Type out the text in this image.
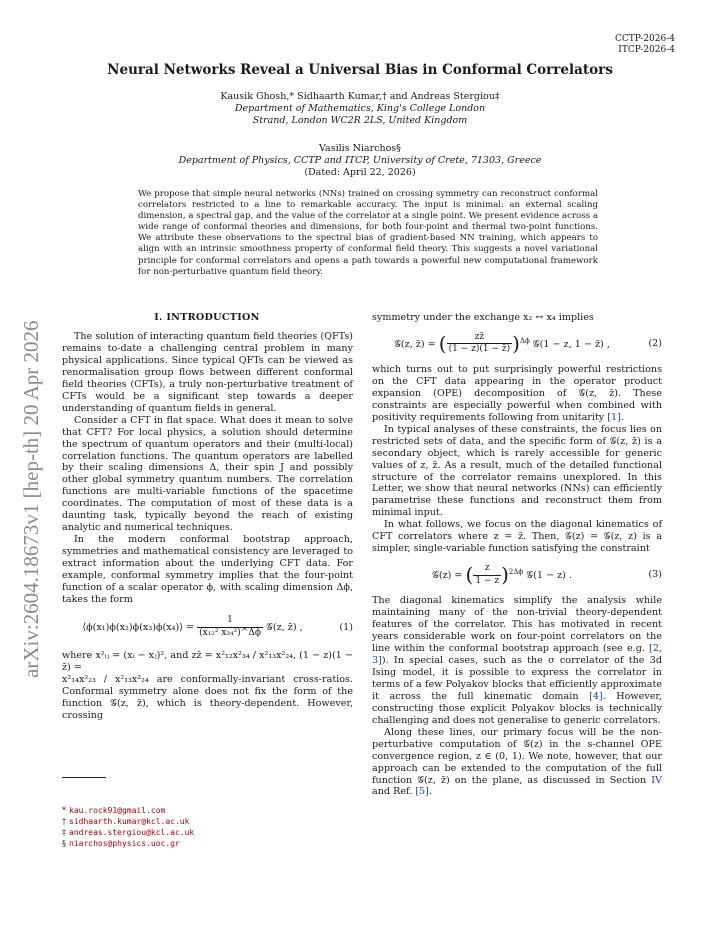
arXiv:2604.18673v1 [hep-th] 20 Apr 2026
CCTP-2026-4
ITCP-2026-4
Neural Networks Reveal a Universal Bias in Conformal Correlators
Kausik Ghosh,* Sidhaarth Kumar,† and Andreas Stergiou‡
Department of Mathematics, King's College London
Strand, London WC2R 2LS, United Kingdom
Vasilis Niarchos§
Department of Physics, CCTP and ITCP, University of Crete, 71303, Greece
(Dated: April 22, 2026)
We propose that simple neural networks (NNs) trained on crossing symmetry can reconstruct conformal correlators restricted to a line to remarkable accuracy. The input is minimal: an external scaling dimension, a spectral gap, and the value of the correlator at a single point. We present evidence across a wide range of conformal theories and dimensions, for both four-point and thermal two-point functions. We attribute these observations to the spectral bias of gradient-based NN training, which appears to align with an intrinsic smoothness property of conformal field theory. This suggests a novel variational principle for conformal correlators and opens a path towards a powerful new computational framework for non-perturbative quantum field theory.
I. INTRODUCTION

The solution of interacting quantum field theories (QFTs) remains to-date a challenging central problem in many physical applications. Since typical QFTs can be viewed as renormalisation group flows between different conformal field theories (CFTs), a truly non-perturbative treatment of CFTs would be a significant step towards a deeper understanding of quantum fields in general.

Consider a CFT in flat space. What does it mean to solve that CFT? For local physics, a solution should determine the spectrum of quantum operators and their (multi-local) correlation functions. The quantum operators are labelled by their scaling dimensions Δ, their spin J and possibly other global symmetry quantum numbers. The correlation functions are multi-variable functions of the spacetime coordinates. The computation of most of these data is a daunting task, typically beyond the reach of existing analytic and numerical techniques.

In the modern conformal bootstrap approach, symmetries and mathematical consistency are leveraged to extract information about the underlying CFT data. For example, conformal symmetry implies that the four-point function of a scalar operator ϕ, with scaling dimension Δϕ, takes the form

⟨ϕ(x₁)ϕ(x₂)ϕ(x₃)ϕ(x₄)⟩ = $\frac{1}{\text{(x₁₂² x₃₄²)\textasciicircum{}Δϕ}}$ 𝒢(z, z̄) ,	(1)

where x²ᵢⱼ = (xᵢ − xⱼ)², and zz̄ = x²₁₂x²₃₄ / x²₁₃x²₂₄, (1 − z)(1 − z̄) =

x²₁₄x²₂₃ / x²₁₃x²₂₄ are conformally-invariant cross-ratios. Conformal symmetry alone does not fix the form of the function 𝒢(z, z̄), which is theory-dependent. However, crossing

* kau.rock91@gmail.com
† sidhaarth.kumar@kcl.ac.uk
‡ andreas.stergiou@kcl.ac.uk
§ niarchos@physics.uoc.gr

symmetry under the exchange x₂ ↔ x₄ implies

𝒢(z, z̄) = ( $\frac{zz̄}{(1 - z)(1 - z̄)} )^{\Delta\phi}$ 𝒢(1 − z, 1 − z̄) ,	(2)

which turns out to put surprisingly powerful restrictions on the CFT data appearing in the operator product expansion (OPE) decomposition of 𝒢(z, z̄). These constraints are especially powerful when combined with positivity requirements following from unitarity [1].

In typical analyses of these constraints, the focus lies on restricted sets of data, and the specific form of 𝒢(z, z̄) is a secondary object, which is rarely accessible for generic values of z, z̄. As a result, much of the detailed functional structure of the correlator remains unexplored. In this Letter, we show that neural networks (NNs) can efficiently parametrise these functions and reconstruct them from minimal input.

In what follows, we focus on the diagonal kinematics of CFT correlators where z = z̄. Then, 𝒢(z) = 𝒢(z, z) is a simpler, single-variable function satisfying the constraint

𝒢(z) = ( $\frac{z}{1 - z} )^{2\Delta\phi}$ 𝒢(1 − z) .	(3)

The diagonal kinematics simplify the analysis while maintaining many of the non-trivial theory-dependent features of the correlator. This has motivated in recent years considerable work on four-point correlators on the line within the conformal bootstrap approach (see e.g. [2, 3]). In special cases, such as the σ correlator of the 3d Ising model, it is possible to express the correlator in terms of a few Polyakov blocks that efficiently approximate it across the full kinematic domain [4]. However, constructing those explicit Polyakov blocks is technically challenging and does not generalise to generic correlators.

Along these lines, our primary focus will be the non-perturbative computation of 𝒢(z) in the s-channel OPE convergence region, z ∈ (0, 1). We note, however, that our approach can be extended to the computation of the full function 𝒢(z, z̄) on the plane, as discussed in Section IV and Ref. [5].
